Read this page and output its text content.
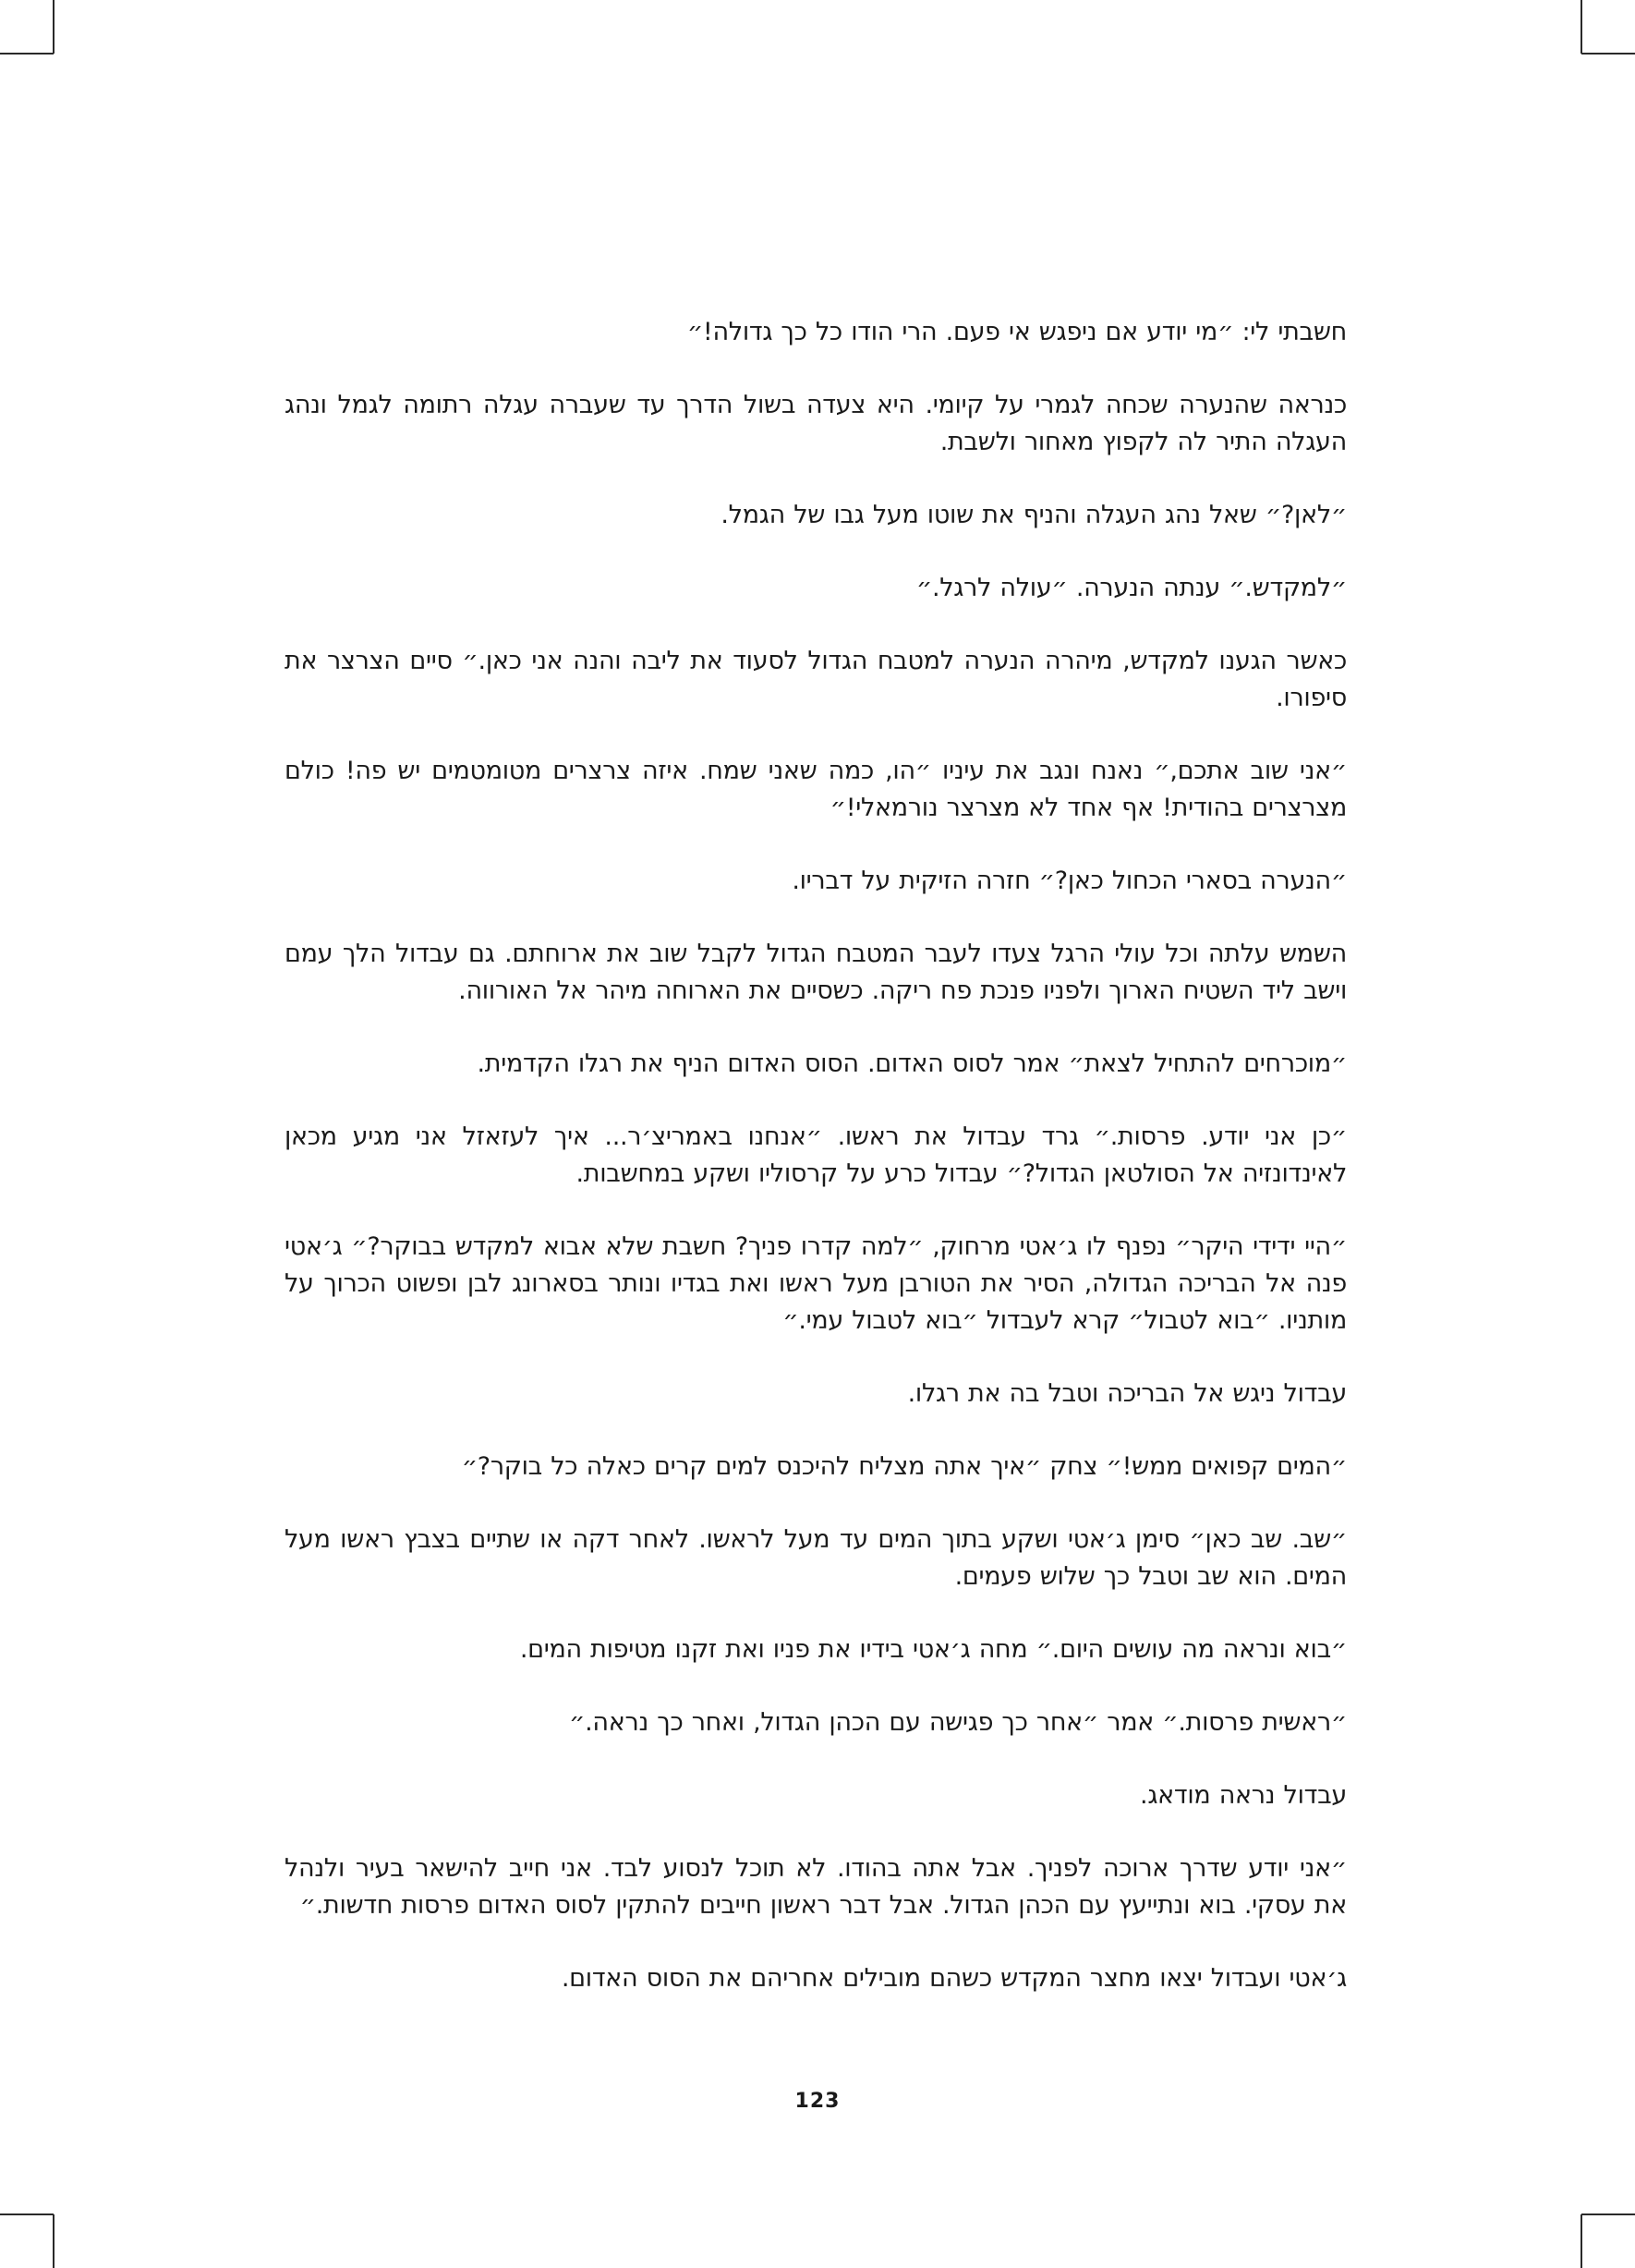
חשבתי לי: ״מי יודע אם ניפגש אי פעם. הרי הודו כל כך גדולה!״

כנראה שהנערה שכחה לגמרי על קיומי. היא צעדה בשול הדרך עד שעברה עגלה רתומה לגמל ונהג העגלה התיר לה לקפוץ מאחור ולשבת.

״לאן?״ שאל נהג העגלה והניף את שוטו מעל גבו של הגמל.

״למקדש.״ ענתה הנערה. ״עולה לרגל.״

כאשר הגענו למקדש, מיהרה הנערה למטבח הגדול לסעוד את ליבה והנה אני כאן.״ סיים הצרצר את סיפורו.

״אני שוב אתכם,״ נאנח ונגב את עיניו ״הו, כמה שאני שמח. איזה צרצרים מטומטמים יש פה! כולם מצרצרים בהודית! אף אחד לא מצרצר נורמאלי!״

״הנערה בסארי הכחול כאן?״ חזרה הזיקית על דבריו.

השמש עלתה וכל עולי הרגל צעדו לעבר המטבח הגדול לקבל שוב את ארוחתם. גם עבדול הלך עמם וישב ליד השטיח הארוך ולפניו פנכת פח ריקה. כשסיים את הארוחה מיהר אל האורווה.

״מוכרחים להתחיל לצאת״ אמר לסוס האדום. הסוס האדום הניף את רגלו הקדמית.

״כן אני יודע. פרסות.״ גרד עבדול את ראשו. ״אנחנו באמריצ׳ר... איך לעזאזל אני מגיע מכאן לאינדונזיה אל הסולטאן הגדול?״ עבדול כרע על קרסוליו ושקע במחשבות.

״היי ידידי היקר״ נפנף לו ג׳אטי מרחוק, ״למה קדרו פניך? חשבת שלא אבוא למקדש בבוקר?״ ג׳אטי פנה אל הבריכה הגדולה, הסיר את הטורבן מעל ראשו ואת בגדיו ונותר בסארונג לבן ופשוט הכרוך על מותניו. ״בוא לטבול״ קרא לעבדול ״בוא לטבול עמי.״

עבדול ניגש אל הבריכה וטבל בה את רגלו.

״המים קפואים ממש!״ צחק ״איך אתה מצליח להיכנס למים קרים כאלה כל בוקר?״

״שב. שב כאן״ סימן ג׳אטי ושקע בתוך המים עד מעל לראשו. לאחר דקה או שתיים בצבץ ראשו מעל המים. הוא שב וטבל כך שלוש פעמים.

״בוא ונראה מה עושים היום.״ מחה ג׳אטי בידיו את פניו ואת זקנו מטיפות המים.

״ראשית פרסות.״ אמר ״אחר כך פגישה עם הכהן הגדול, ואחר כך נראה.״

עבדול נראה מודאג.

״אני יודע שדרך ארוכה לפניך. אבל אתה בהודו. לא תוכל לנסוע לבד. אני חייב להישאר בעיר ולנהל את עסקי. בוא ונתייעץ עם הכהן הגדול. אבל דבר ראשון חייבים להתקין לסוס האדום פרסות חדשות.״

ג׳אטי ועבדול יצאו מחצר המקדש כשהם מובילים אחריהם את הסוס האדום.

123
